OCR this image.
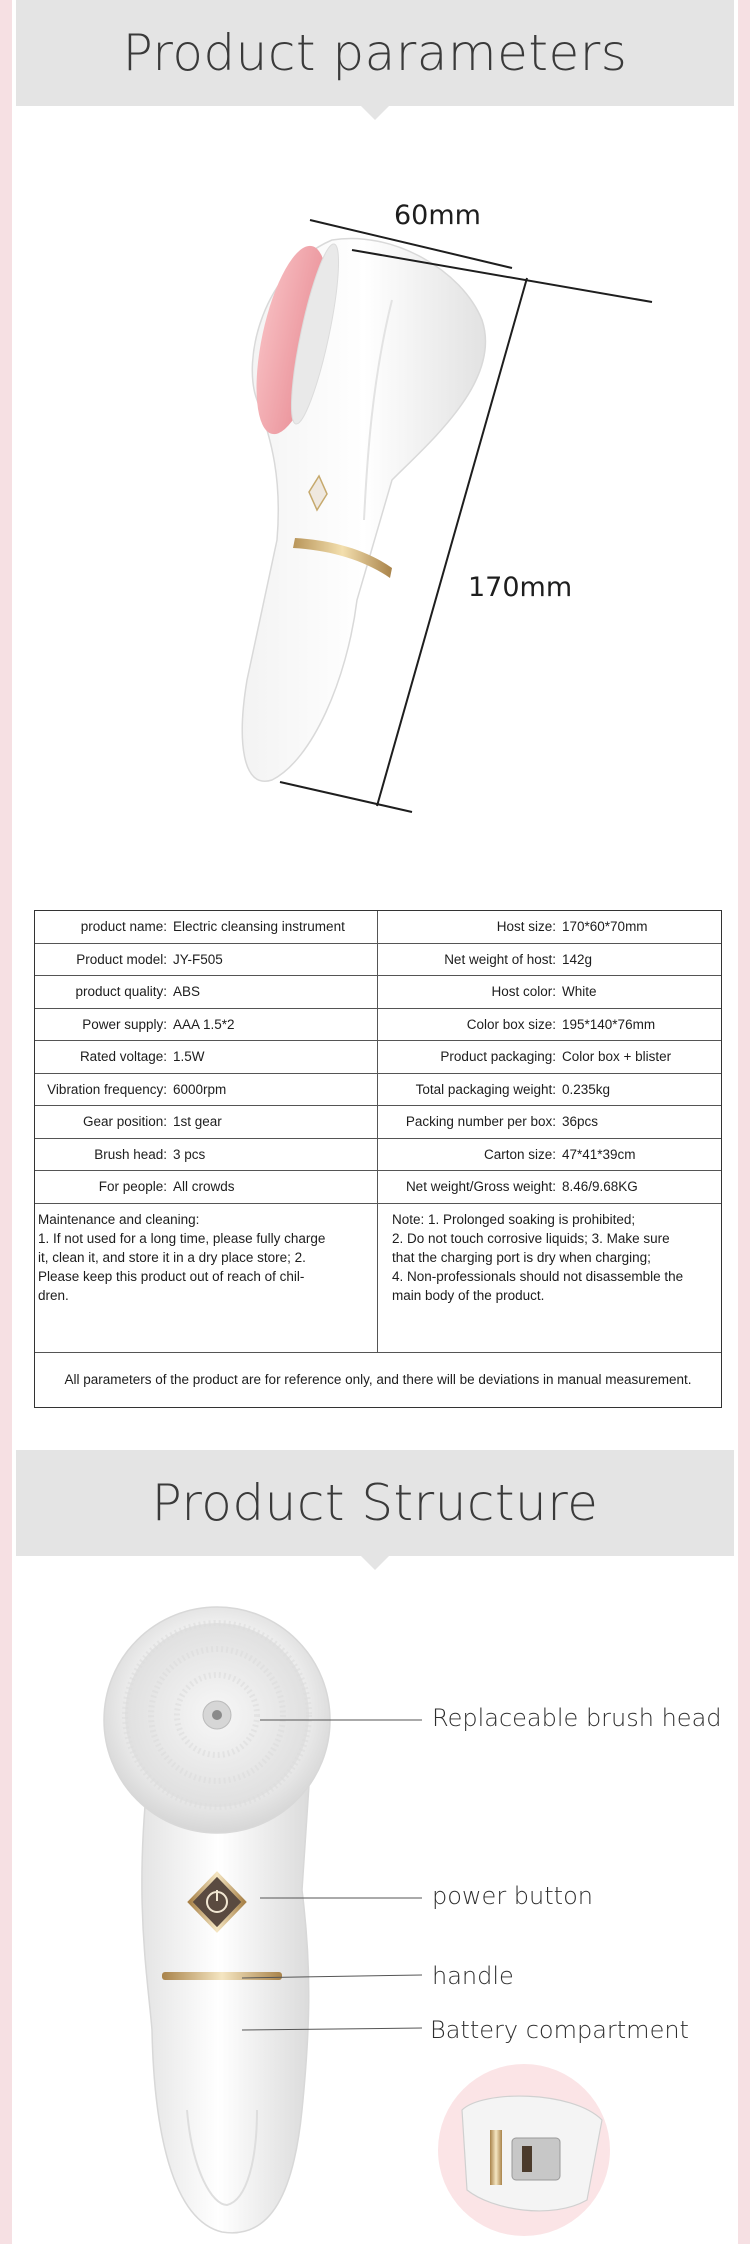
Product parameters
60mm
170mm
product name: Electric cleansing instrument	Host size: 170*60*70mm
Product model: JY-F505	Net weight of host: 142g
product quality: ABS	Host color: White
Power supply: AAA 1.5*2	Color box size: 195*140*76mm
Rated voltage: 1.5W	Product packaging: Color box + blister
Vibration frequency: 6000rpm	Total packaging weight: 0.235kg
Gear position: 1st gear	Packing number per box: 36pcs
Brush head: 3 pcs	Carton size: 47*41*39cm
For people: All crowds	Net weight/Gross weight: 8.46/9.68KG
Maintenance and cleaning:
1. If not used for a long time, please fully charge
it, clean it, and store it in a dry place store; 2.
Please keep this product out of reach of chil-
dren.
Note: 1. Prolonged soaking is prohibited;
2. Do not touch corrosive liquids; 3. Make sure
that the charging port is dry when charging;
4. Non-professionals should not disassemble the
main body of the product.
All parameters of the product are for reference only, and there will be deviations in manual measurement.
Product Structure
Replaceable brush head
power button
handle
Battery compartment
